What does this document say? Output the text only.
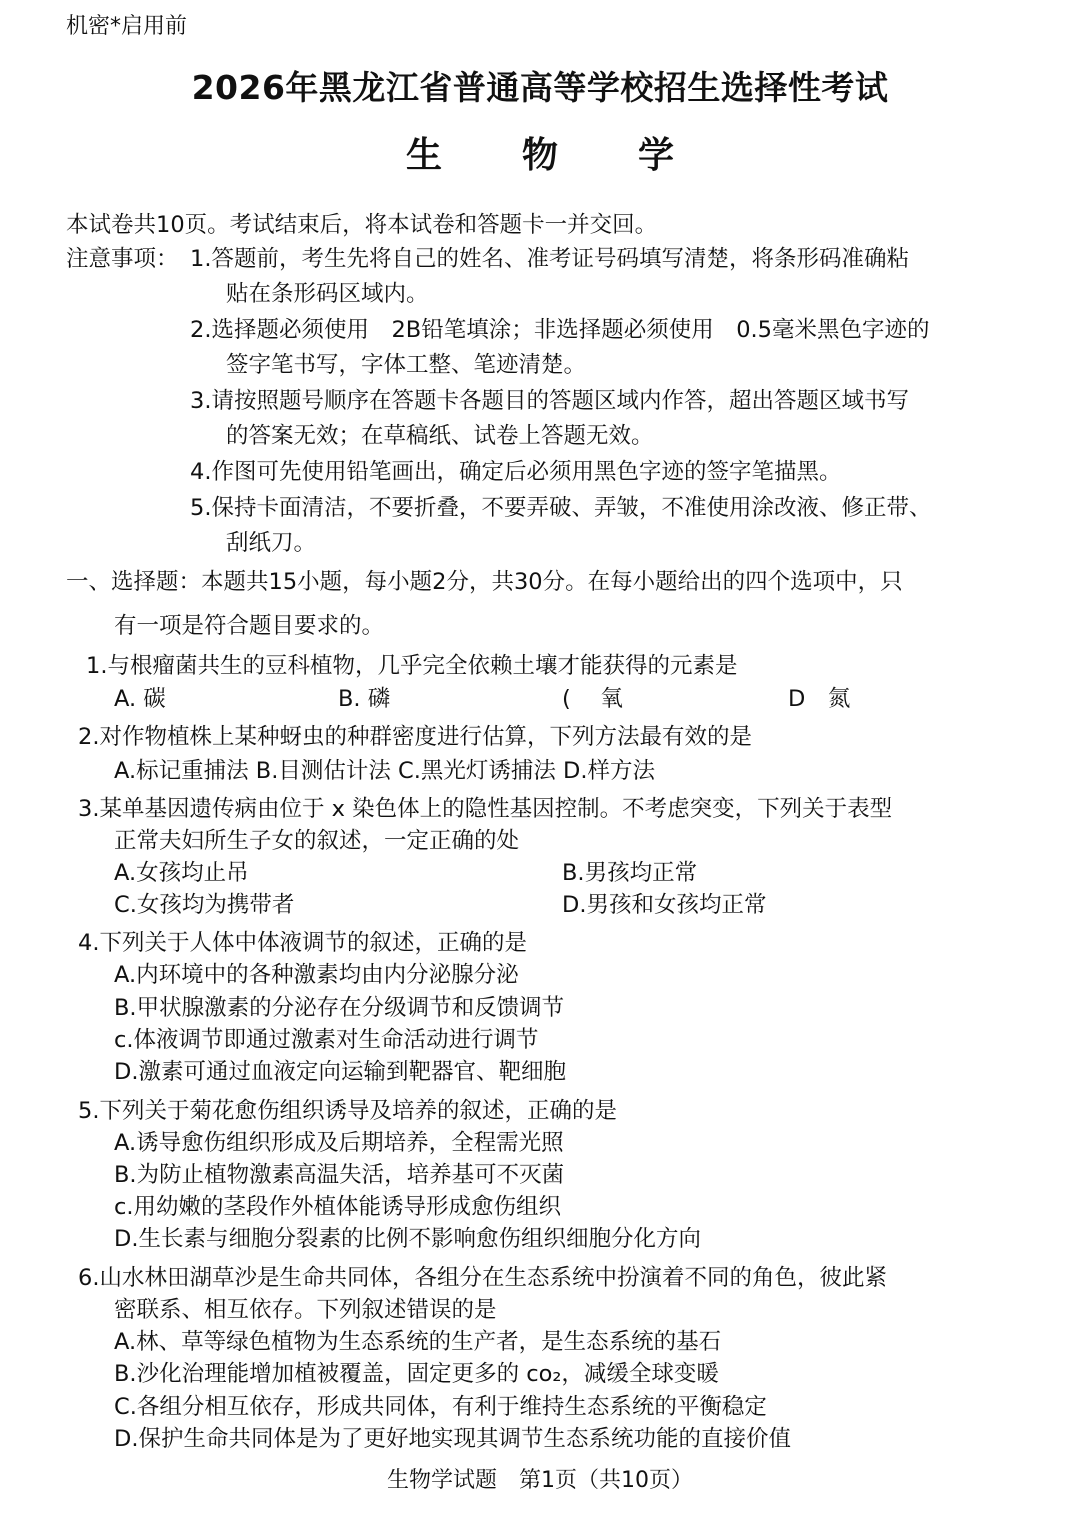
机密*启用前
2026年黑龙江省普通高等学校招生选择性考试
生 物 学
本试卷共10页。考试结束后，将本试卷和答题卡一并交回。
注意事项： 1.答题前，考生先将自己的姓名、准考证号码填写清楚，将条形码准确粘
贴在条形码区域内。
2.选择题必须使用　2B铅笔填涂；非选择题必须使用　0.5毫米黑色字迹的
签字笔书写，字体工整、笔迹清楚。
3.请按照题号顺序在答题卡各题目的答题区域内作答，超出答题区域书写
的答案无效；在草稿纸、试卷上答题无效。
4.作图可先使用铅笔画出，确定后必须用黑色字迹的签字笔描黑。
5.保持卡面清洁，不要折叠，不要弄破、弄皱，不准使用涂改液、修正带、
刮纸刀。
一、选择题：本题共15小题，每小题2分，共30分。在每小题给出的四个选项中，只
有一项是符合题目要求的。
1.与根瘤菌共生的豆科植物，几乎完全依赖土壤才能获得的元素是
A. 碳	B. 磷	(　 氧	D　氮
2.对作物植株上某种蚜虫的种群密度进行估算，下列方法最有效的是
A.标记重捕法 B.目测估计法 C.黑光灯诱捕法 D.样方法
3.某单基因遗传病由位于 x 染色体上的隐性基因控制。不考虑突变，下列关于表型
正常夫妇所生子女的叙述，一定正确的处
A.女孩均止吊	B.男孩均正常
C.女孩均为携带者	D.男孩和女孩均正常
4.下列关于人体中体液调节的叙述，正确的是
A.内环境中的各种激素均由内分泌腺分泌
B.甲状腺激素的分泌存在分级调节和反馈调节
c.体液调节即通过激素对生命活动进行调节
D.激素可通过血液定向运输到靶器官、靶细胞
5.下列关于菊花愈伤组织诱导及培养的叙述，正确的是
A.诱导愈伤组织形成及后期培养，全程需光照
B.为防止植物激素高温失活，培养基可不灭菌
c.用幼嫩的茎段作外植体能诱导形成愈伤组织
D.生长素与细胞分裂素的比例不影响愈伤组织细胞分化方向
6.山水林田湖草沙是生命共同体，各组分在生态系统中扮演着不同的角色，彼此紧
密联系、相互依存。下列叙述错误的是
A.林、草等绿色植物为生态系统的生产者，是生态系统的基石
B.沙化治理能增加植被覆盖，固定更多的 co₂，减缓全球变暖
C.各组分相互依存，形成共同体，有利于维持生态系统的平衡稳定
D.保护生命共同体是为了更好地实现其调节生态系统功能的直接价值
生物学试题　第1页（共10页）
